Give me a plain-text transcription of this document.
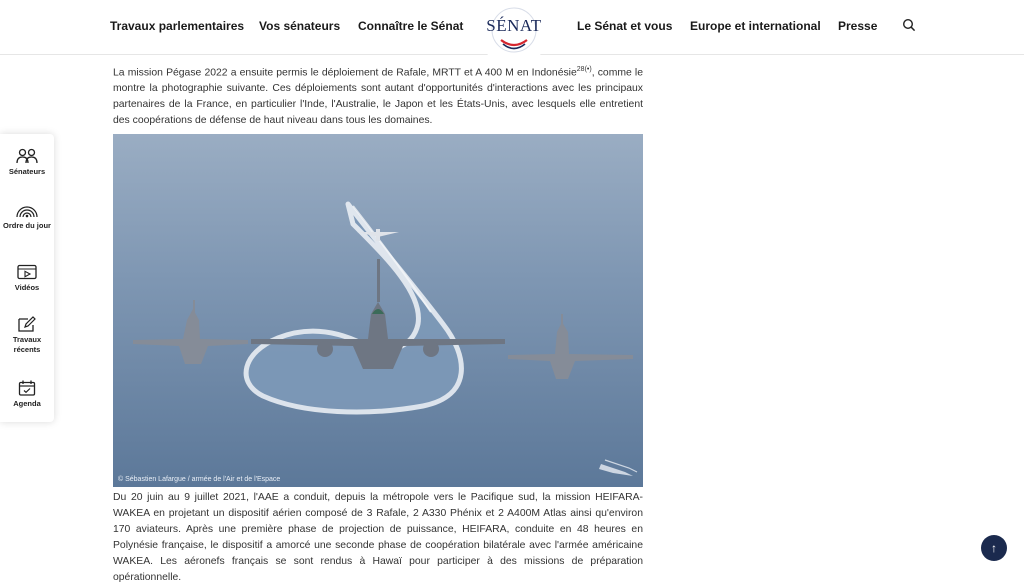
Travaux parlementaires Vos sénateurs Connaître le Sénat	SÉNAT	Le Sénat et vous Europe et international Presse
Sénateurs
Ordre du jour
Vidéos
Travaux récents
Agenda

La mission Pégase 2022 a ensuite permis le déploiement de Rafale, MRTT et A 400 M en Indonésie$^{28(•)}$, comme le montre la photographie suivante. Ces déploiements sont autant d'opportunités d'interactions avec les principaux partenaires de la France, en particulier l'Inde, l'Australie, le Japon et les États-Unis, avec lesquels elle entretient des coopérations de défense de haut niveau dans tous les domaines.

© Sébastien Lafargue / armée de l'Air et de l'Espace

Du 20 juin au 9 juillet 2021, l'AAE a conduit, depuis la métropole vers le Pacifique sud, la mission HEIFARA-WAKEA en projetant un dispositif aérien composé de 3 Rafale, 2 A330 Phénix et 2 A400M Atlas ainsi qu'environ 170 aviateurs. Après une première phase de projection de puissance, HEIFARA, conduite en 48 heures en Polynésie française, le dispositif a amorcé une seconde phase de coopération bilatérale avec l'armée américaine WAKEA. Les aéronefs français se sont rendus à Hawaï pour participer à des missions de préparation opérationnelle.

↑
